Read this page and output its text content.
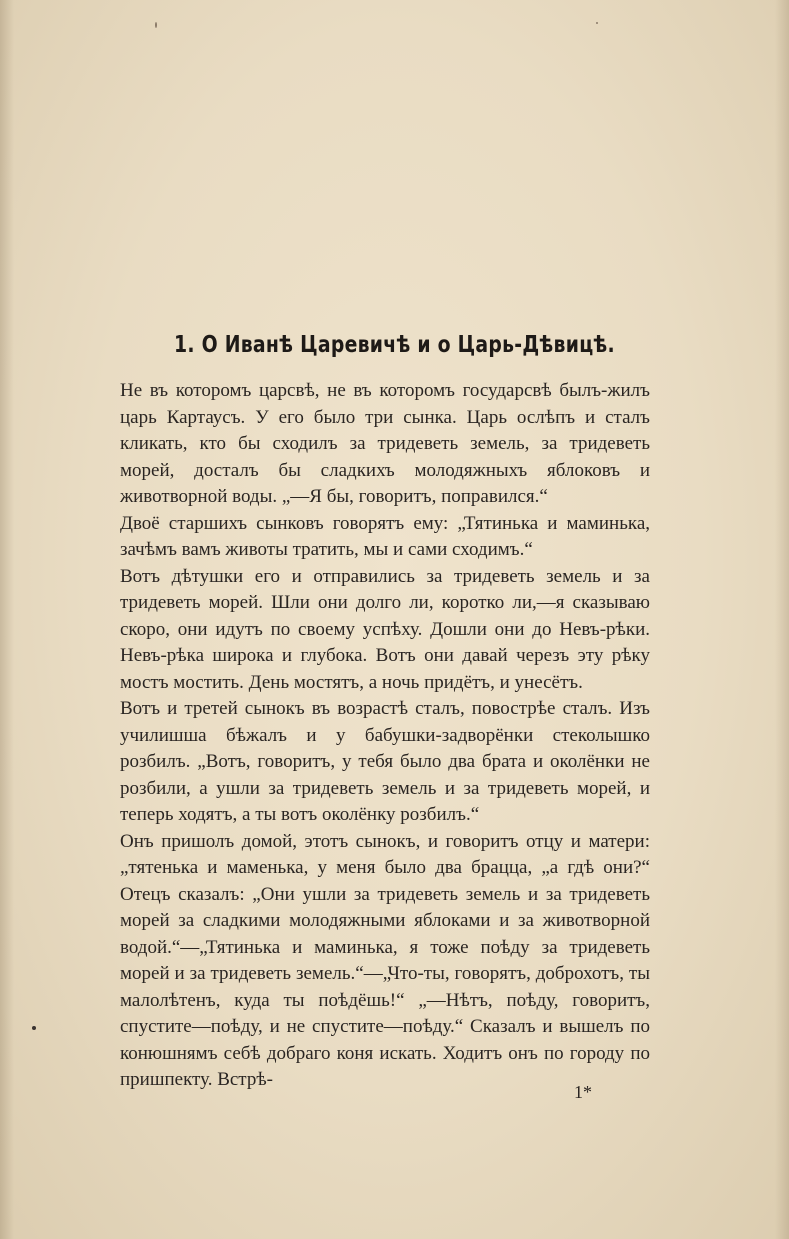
1. О Иванѣ Царевичѣ и о Царь-Дѣвицѣ.

Не въ которомъ царсвѣ, не въ которомъ государсвѣ былъ-жилъ царь Картаусъ. У его было три сынка. Царь ослѣпъ и сталъ кликать, кто бы сходилъ за тридеветь земель, за тридеветь морей, досталъ бы сладкихъ молодяжныхъ яблоковъ и животворной воды. „—Я бы, говоритъ, поправился.“

Двоё старшихъ сынковъ говорятъ ему: „Тятинька и маминька, зачѣмъ вамъ животы тратить, мы и сами сходимъ.“

Вотъ дѣтушки его и отправились за тридеветь земель и за тридеветь морей. Шли они долго ли, коротко ли,—я сказываю скоро, они идутъ по своему успѣху. Дошли они до Невъ-рѣки. Невъ-рѣка широка и глубока. Вотъ они давай черезъ эту рѣку мостъ мостить. День мостятъ, а ночь придётъ, и унесётъ.

Вотъ и третей сынокъ въ возрастѣ сталъ, повострѣе сталъ. Изъ училишша бѣжалъ и у бабушки-задворёнки стеколышко розбилъ. „Вотъ, говоритъ, у тебя было два брата и околёнки не розбили, а ушли за тридеветь земель и за тридеветь морей, и теперь ходятъ, а ты вотъ околёнку розбилъ.“

Онъ пришолъ домой, этотъ сынокъ, и говоритъ отцу и матери: „тятенька и маменька, у меня было два брацца, „а гдѣ они?“ Отецъ сказалъ: „Они ушли за тридеветь земель и за тридеветь морей за сладкими молодяжными яблоками и за животворной водой.“—„Тятинька и маминька, я тоже поѣду за тридеветь морей и за тридеветь земель.“—„Что-ты, говорятъ, доброхотъ, ты малолѣтенъ, куда ты поѣдёшь!“ „—Нѣтъ, поѣду, говоритъ, спустите—поѣду, и не спустите—поѣду.“ Сказалъ и вышелъ по конюшнямъ себѣ добраго коня искать. Ходитъ онъ по городу по пришпекту. Встрѣ-

1*
